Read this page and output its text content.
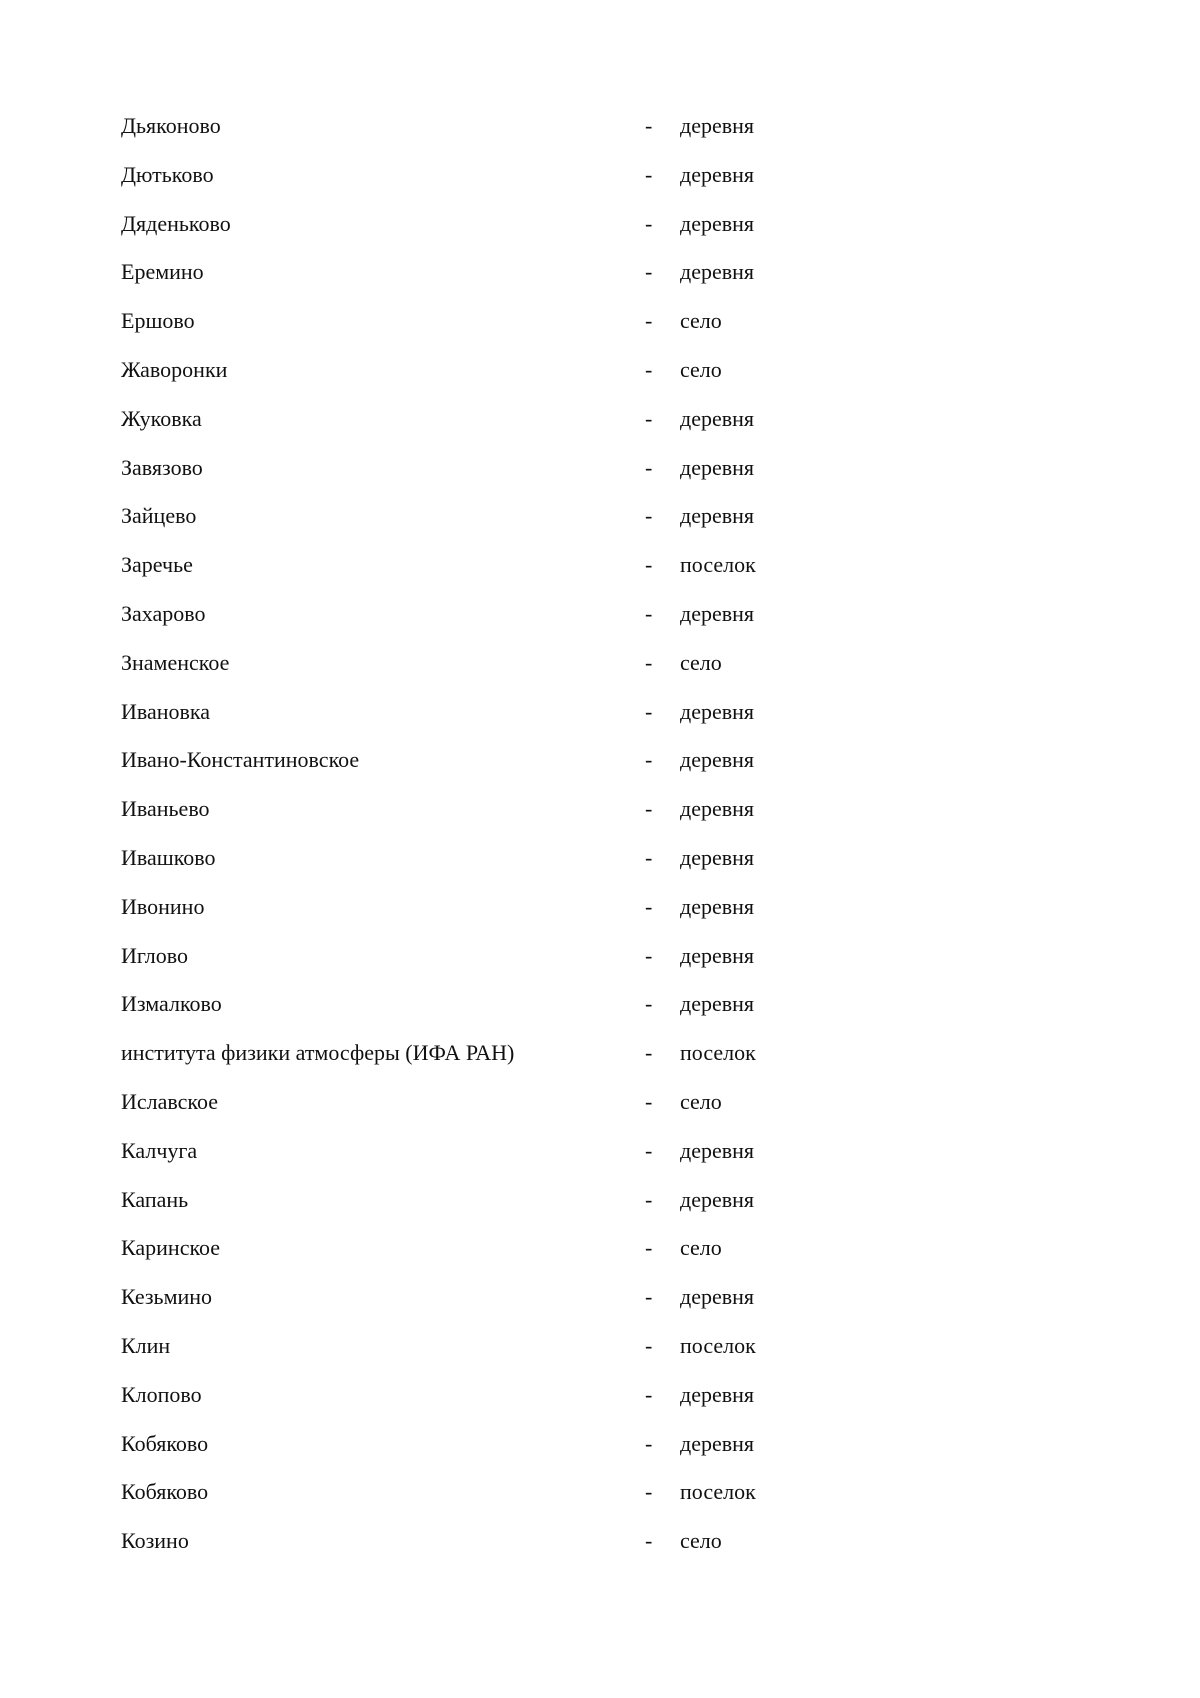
Дьяконово	- деревня
Дютьково	- деревня
Дяденьково	- деревня
Еремино	- деревня
Ершово	- село
Жаворонки	- село
Жуковка	- деревня
Завязово	- деревня
Зайцево	- деревня
Заречье	- поселок
Захарово	- деревня
Знаменское	- село
Ивановка	- деревня
Ивано-Константиновское	- деревня
Иваньево	- деревня
Ивашково	- деревня
Ивонино	- деревня
Иглово	- деревня
Измалково	- деревня
института физики атмосферы (ИФА РАН)	- поселок
Иславское	- село
Калчуга	- деревня
Капань	- деревня
Каринское	- село
Кезьмино	- деревня
Клин	- поселок
Клопово	- деревня
Кобяково	- деревня
Кобяково	- поселок
Козино	- село
